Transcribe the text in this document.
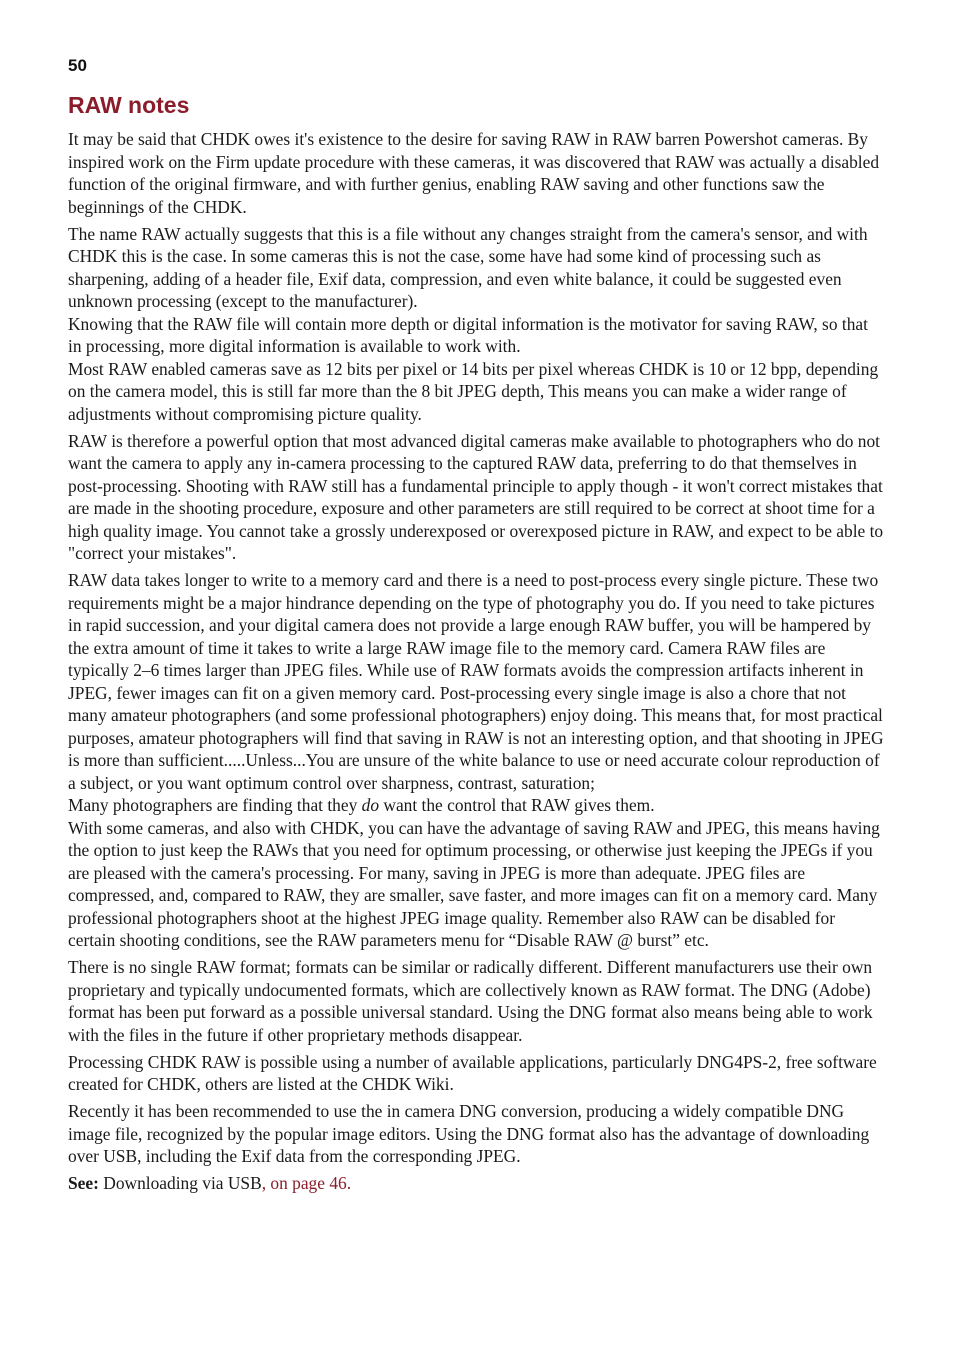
50
RAW notes

It may be said that CHDK owes it's existence to the desire for saving RAW in RAW barren Powershot cameras. By inspired work on the Firm update procedure with these cameras, it was discovered that RAW was actually a disabled function of the original firmware, and with further genius, enabling RAW saving and other functions saw the beginnings of the CHDK.

The name RAW actually suggests that this is a file without any changes straight from the camera's sensor, and with CHDK this is the case. In some cameras this is not the case, some have had some kind of processing such as sharpening, adding of a header file, Exif data, compression, and even white balance, it could be suggested even unknown processing (except to the manufacturer).
Knowing that the RAW file will contain more depth or digital information is the motivator for saving RAW, so that in processing, more digital information is available to work with.
Most RAW enabled cameras save as 12 bits per pixel or 14 bits per pixel whereas CHDK is 10 or 12 bpp, depending on the camera model, this is still far more than the 8 bit JPEG depth, This means you can make a wider range of adjustments without compromising picture quality.

RAW is therefore a powerful option that most advanced digital cameras make available to photographers who do not want the camera to apply any in-camera processing to the captured RAW data, preferring to do that themselves in post-processing. Shooting with RAW still has a fundamental principle to apply though - it won't correct mistakes that are made in the shooting procedure, exposure and other parameters are still required to be correct at shoot time for a high quality image. You cannot take a grossly underexposed or overexposed picture in RAW, and expect to be able to "correct your mistakes".

RAW data takes longer to write to a memory card and there is a need to post-process every single picture. These two requirements might be a major hindrance depending on the type of photography you do. If you need to take pictures in rapid succession, and your digital camera does not provide a large enough RAW buffer, you will be hampered by the extra amount of time it takes to write a large RAW image file to the memory card. Camera RAW files are typically 2–6 times larger than JPEG files. While use of RAW formats avoids the compression artifacts inherent in JPEG, fewer images can fit on a given memory card. Post-processing every single image is also a chore that not many amateur photographers (and some professional photographers) enjoy doing. This means that, for most practical purposes, amateur photographers will find that saving in RAW is not an interesting option, and that shooting in JPEG is more than sufficient.....Unless...You are unsure of the white balance to use or need accurate colour reproduction of a subject, or you want optimum control over sharpness, contrast, saturation;

Many photographers are finding that they do want the control that RAW gives them.

With some cameras, and also with CHDK, you can have the advantage of saving RAW and JPEG, this means having the option to just keep the RAWs that you need for optimum processing, or otherwise just keeping the JPEGs if you are pleased with the camera's processing. For many, saving in JPEG is more than adequate. JPEG files are compressed, and, compared to RAW, they are smaller, save faster, and more images can fit on a memory card. Many professional photographers shoot at the highest JPEG image quality. Remember also RAW can be disabled for certain shooting conditions, see the RAW parameters menu for “Disable RAW @ burst” etc.

There is no single RAW format; formats can be similar or radically different. Different manufacturers use their own proprietary and typically undocumented formats, which are collectively known as RAW format. The DNG (Adobe) format has been put forward as a possible universal standard. Using the DNG format also means being able to work with the files in the future if other proprietary methods disappear.

Processing CHDK RAW is possible using a number of available applications, particularly DNG4PS-2, free software created for CHDK, others are listed at the CHDK Wiki.

Recently it has been recommended to use the in camera DNG conversion, producing a widely compatible DNG image file, recognized by the popular image editors. Using the DNG format also has the advantage of downloading over USB, including the Exif data from the corresponding JPEG.

See: Downloading via USB, on page 46.
